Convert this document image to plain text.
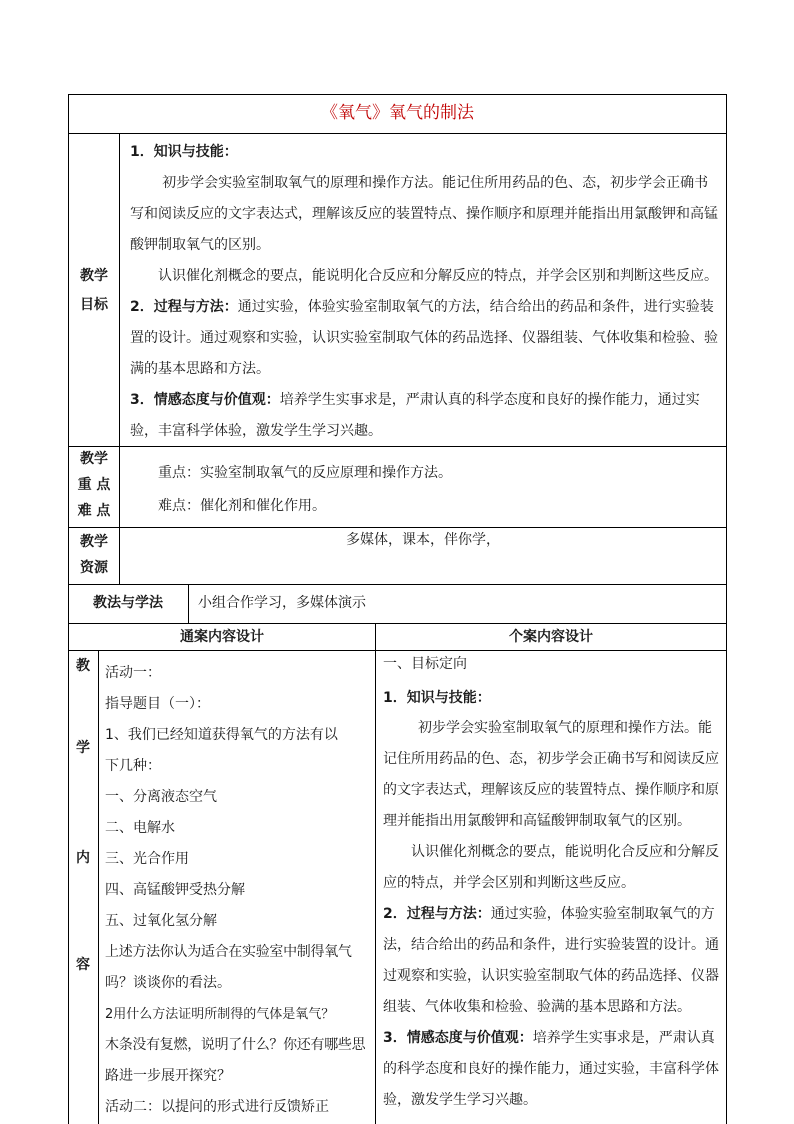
《氧气》氧气的制法
教学
目标
1．知识与技能：

初步学会实验室制取氧气的原理和操作方法。能记住所用药品的色、态，初步学会正确书写和阅读反应的文字表达式，理解该反应的装置特点、操作顺序和原理并能指出用氯酸钾和高锰酸钾制取氧气的区别。

认识催化剂概念的要点，能说明化合反应和分解反应的特点，并学会区别和判断这些反应。

2．过程与方法：通过实验，体验实验室制取氧气的方法，结合给出的药品和条件，进行实验装置的设计。通过观察和实验，认识实验室制取气体的药品选择、仪器组装、气体收集和检验、验满的基本思路和方法。

3．情感态度与价值观：培养学生实事求是，严肃认真的科学态度和良好的操作能力，通过实验，丰富科学体验，激发学生学习兴趣。

教学
重 点
难 点
重点：实验室制取氧气的反应原理和操作方法。
难点：催化剂和催化作用。
教学
资源
多媒体，课本，伴你学，
教法与学法	小组合作学习，多媒体演示
通案内容设计	个案内容设计
教
学
内
容
活动一：
指导题目（一）：
1、我们已经知道获得氧气的方法有以
下几种：
一、分离液态空气
二、电解水
三、光合作用
四、高锰酸钾受热分解
五、过氧化氢分解
上述方法你认为适合在实验室中制得氧气
吗？谈谈你的看法。
2用什么方法证明所制得的气体是氧气？
木条没有复燃，说明了什么？你还有哪些思
路进一步展开探究？
活动二：以提问的形式进行反馈矫正
一、目标定向
1．知识与技能：

初步学会实验室制取氧气的原理和操作方法。能记住所用药品的色、态，初步学会正确书写和阅读反应的文字表达式，理解该反应的装置特点、操作顺序和原理并能指出用氯酸钾和高锰酸钾制取氧气的区别。

认识催化剂概念的要点，能说明化合反应和分解反应的特点，并学会区别和判断这些反应。

2．过程与方法：通过实验，体验实验室制取氧气的方法，结合给出的药品和条件，进行实验装置的设计。通过观察和实验，认识实验室制取气体的药品选择、仪器组装、气体收集和检验、验满的基本思路和方法。

3．情感态度与价值观：培养学生实事求是，严肃认真的科学态度和良好的操作能力，通过实验，丰富科学体验，激发学生学习兴趣。
